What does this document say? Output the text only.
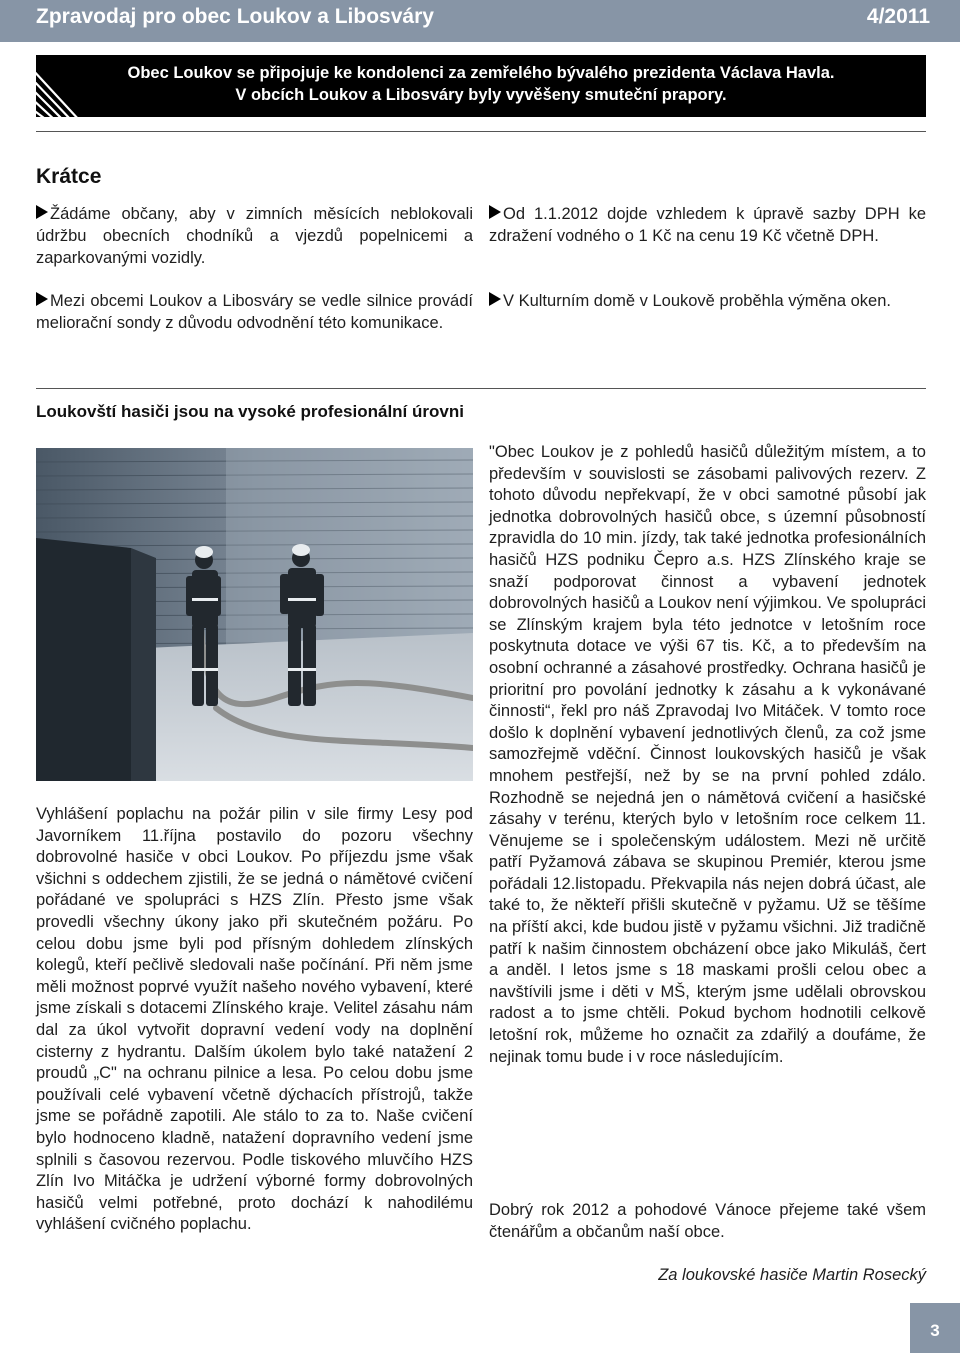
Zpravodaj pro obec Loukov a Libosváry	4/2011
Obec Loukov se připojuje ke kondolenci za zemřelého bývalého prezidenta Václava Havla.
V obcích Loukov a Libosváry byly vyvěšeny smuteční prapory.
Krátce
Žádáme občany, aby v zimních měsících neblokovali údržbu obecních chodníků a vjezdů popelnicemi a zaparkovanými vozidly.
Mezi obcemi Loukov a Libosváry se vedle silnice provádí meliorační sondy z důvodu odvodnění této komunikace.
Od 1.1.2012 dojde vzhledem k úpravě sazby DPH ke zdražení vodného o 1 Kč na cenu 19 Kč včetně DPH.
V Kulturním domě v Loukově proběhla výměna oken.
Loukovští hasiči jsou na vysoké profesionální úrovni
Vyhlášení poplachu na požár pilin v sile firmy Lesy pod Javorníkem 11.října postavilo do pozoru všechny dobrovolné hasiče v obci Loukov. Po příjezdu jsme však všichni s oddechem zjistili, že se jedná o námětové cvičení pořádané ve spolupráci s HZS Zlín. Přesto jsme však provedli všechny úkony jako při skutečném požáru. Po celou dobu jsme byli pod přísným dohledem zlínských kolegů, kteří pečlivě sledovali naše počínání. Při něm jsme měli možnost poprvé využít našeho nového vybavení, které jsme získali s dotacemi Zlínského kraje. Velitel zásahu nám dal za úkol vytvořit dopravní vedení vody na doplnění cisterny z hydrantu. Dalším úkolem bylo také natažení 2 proudů „C" na ochranu pilnice a lesa. Po celou dobu jsme používali celé vybavení včetně dýchacích přístrojů, takže jsme se pořádně zapotili. Ale stálo to za to. Naše cvičení bylo hodnoceno kladně, natažení dopravního vedení jsme splnili s časovou rezervou. Podle tiskového mluvčího HZS Zlín Ivo Mitáčka je udržení výborné formy dobrovolných hasičů velmi potřebné, proto dochází k nahodilému vyhlášení cvičného poplachu.
"Obec Loukov je z pohledů hasičů důležitým místem, a to především v souvislosti se zásobami palivových rezerv. Z tohoto důvodu nepřekvapí, že v obci samotné působí jak jednotka dobrovolných hasičů obce, s územní působností zpravidla do 10 min. jízdy, tak také jednotka profesionálních hasičů HZS podniku Čepro a.s. HZS Zlínského kraje se snaží podporovat činnost a vybavení jednotek dobrovolných hasičů a Loukov není výjimkou. Ve spolupráci se Zlínským krajem byla této jednotce v letošním roce poskytnuta dotace ve výši 67 tis. Kč, a to především na osobní ochranné a zásahové prostředky. Ochrana hasičů je prioritní pro povolání jednotky k zásahu a k vykonávané činnosti“, řekl pro náš Zpravodaj Ivo Mitáček. V tomto roce došlo k doplnění vybavení jednotlivých členů, za což jsme samozřejmě vděční. Činnost loukovských hasičů je však mnohem pestřejší, než by se na první pohled zdálo. Rozhodně se nejedná jen o námětová cvičení a hasičské zásahy v terénu, kterých bylo v letošním roce celkem 11. Věnujeme se i společenským událostem. Mezi ně určitě patří Pyžamová zábava se skupinou Premiér, kterou jsme pořádali 12.listopadu. Překvapila nás nejen dobrá účast, ale také to, že někteří přišli skutečně v pyžamu. Už se těšíme na příští akci, kde budou jistě v pyžamu všichni. Již tradičně patří k našim činnostem obcházení obce jako Mikuláš, čert a anděl. I letos jsme s 18 maskami prošli celou obec a navštívili jsme i děti v MŠ, kterým jsme udělali obrovskou radost a to jsme chtěli. Pokud bychom hodnotili celkově letošní rok, můžeme ho označit za zdařilý a doufáme, že nejinak tomu bude i v roce následujícím.
Dobrý rok 2012 a pohodové Vánoce přejeme také všem čtenářům a občanům naší obce.
Za loukovské hasiče Martin Rosecký
3
